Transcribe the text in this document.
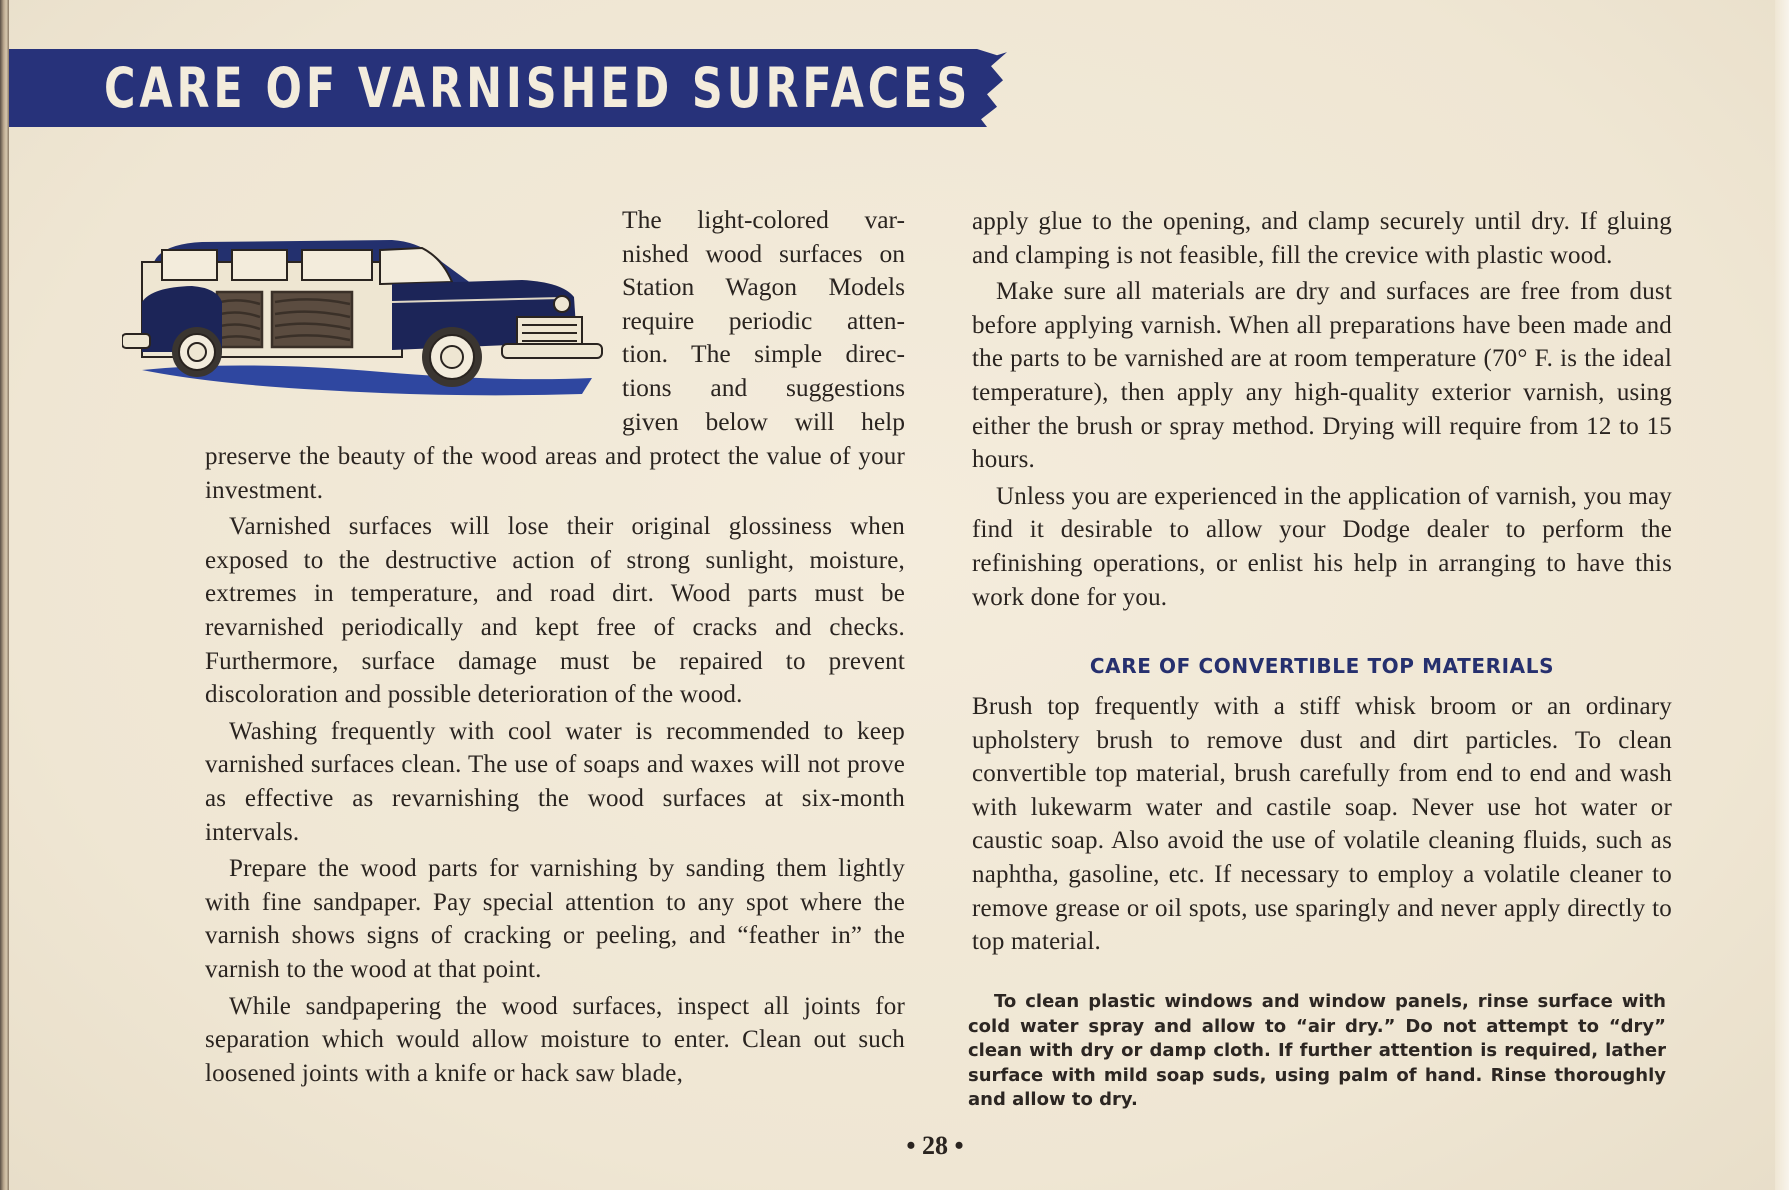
CARE OF VARNISHED SURFACES
The light-colored var-
nished wood surfaces on
Station Wagon Models
require periodic atten-
tion. The simple direc-
tions and suggestions
given below will help

preserve the beauty of the wood areas and protect the value of your investment.

Varnished surfaces will lose their original glossiness when exposed to the destructive action of strong sunlight, moisture, extremes in temperature, and road dirt. Wood parts must be revarnished periodically and kept free of cracks and checks. Furthermore, surface damage must be repaired to prevent discoloration and possible deterioration of the wood.

Washing frequently with cool water is recommended to keep varnished surfaces clean. The use of soaps and waxes will not prove as effective as revarnishing the wood surfaces at six-month intervals.

Prepare the wood parts for varnishing by sanding them lightly with fine sandpaper. Pay special attention to any spot where the varnish shows signs of cracking or peeling, and “feather in” the varnish to the wood at that point.

While sandpapering the wood surfaces, inspect all joints for separation which would allow moisture to enter. Clean out such loosened joints with a knife or hack saw blade,

apply glue to the opening, and clamp securely until dry. If gluing and clamping is not feasible, fill the crevice with plastic wood.

Make sure all materials are dry and surfaces are free from dust before applying varnish. When all preparations have been made and the parts to be varnished are at room temperature (70° F. is the ideal temperature), then apply any high-quality exterior varnish, using either the brush or spray method. Drying will require from 12 to 15 hours.

Unless you are experienced in the application of varnish, you may find it desirable to allow your Dodge dealer to perform the refinishing operations, or enlist his help in arranging to have this work done for you.

CARE OF CONVERTIBLE TOP MATERIALS

Brush top frequently with a stiff whisk broom or an ordinary upholstery brush to remove dust and dirt particles. To clean convertible top material, brush carefully from end to end and wash with lukewarm water and castile soap. Never use hot water or caustic soap. Also avoid the use of volatile cleaning fluids, such as naphtha, gasoline, etc. If necessary to employ a volatile cleaner to remove grease or oil spots, use sparingly and never apply directly to top material.

To clean plastic windows and window panels, rinse surface with cold water spray and allow to “air dry.” Do not attempt to “dry” clean with dry or damp cloth. If further attention is required, lather surface with mild soap suds, using palm of hand. Rinse thoroughly and allow to dry.
• 28 •
